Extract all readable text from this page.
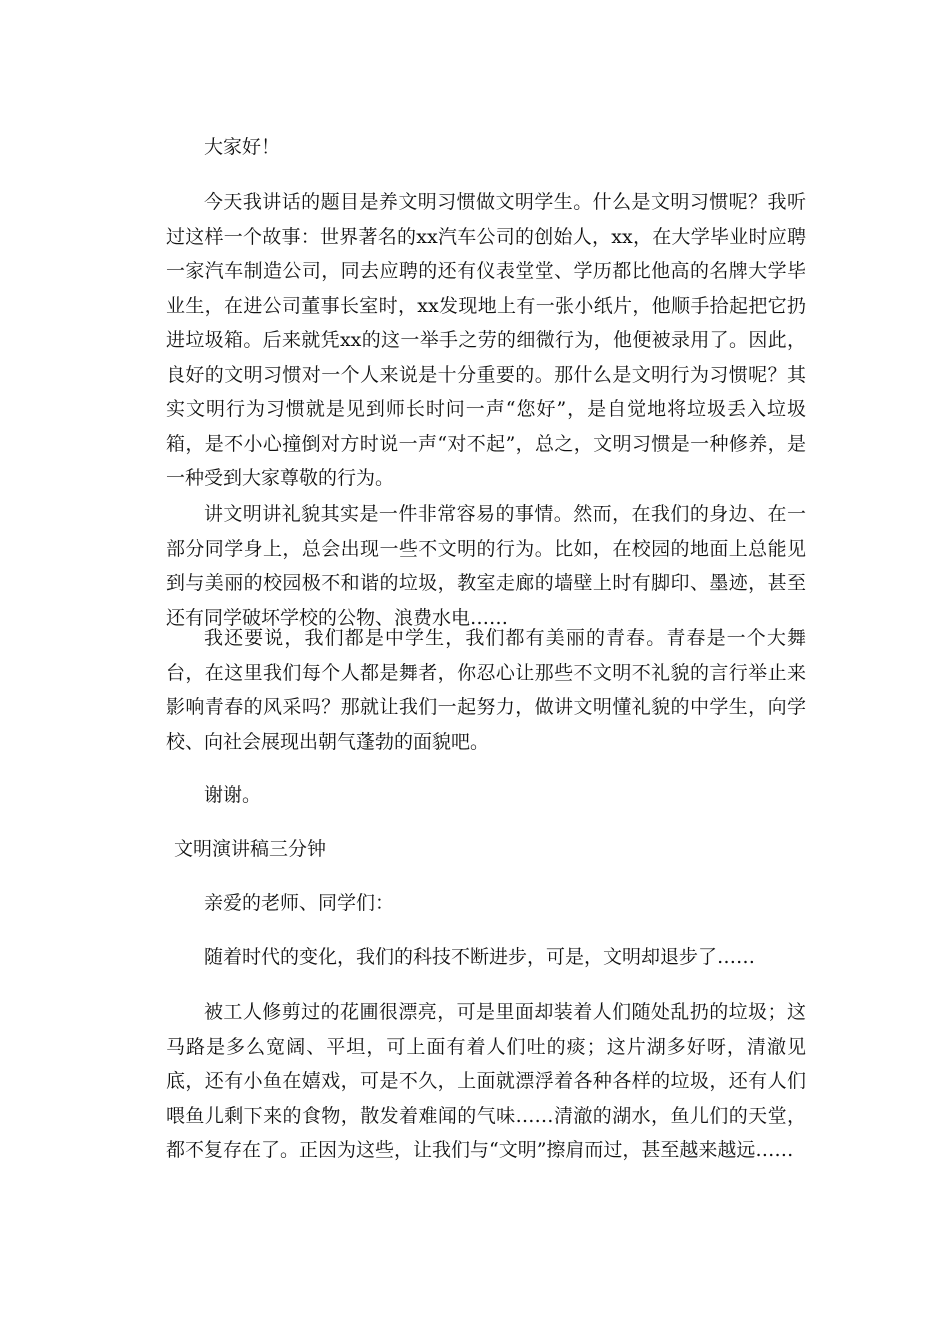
大家好！

今天我讲话的题目是养文明习惯做文明学生。什么是文明习惯呢？我听过这样一个故事：世界著名的xx汽车公司的创始人，xx，在大学毕业时应聘一家汽车制造公司，同去应聘的还有仪表堂堂、学历都比他高的名牌大学毕业生，在进公司董事长室时，xx发现地上有一张小纸片，他顺手拾起把它扔进垃圾箱。后来就凭xx的这一举手之劳的细微行为，他便被录用了。因此，良好的文明习惯对一个人来说是十分重要的。那什么是文明行为习惯呢？其实文明行为习惯就是见到师长时问一声“您好”，是自觉地将垃圾丢入垃圾箱，是不小心撞倒对方时说一声“对不起”，总之，文明习惯是一种修养，是一种受到大家尊敬的行为。

讲文明讲礼貌其实是一件非常容易的事情。然而，在我们的身边、在一部分同学身上，总会出现一些不文明的行为。比如，在校园的地面上总能见到与美丽的校园极不和谐的垃圾，教室走廊的墙壁上时有脚印、墨迹，甚至还有同学破坏学校的公物、浪费水电……

我还要说，我们都是中学生，我们都有美丽的青春。青春是一个大舞台，在这里我们每个人都是舞者，你忍心让那些不文明不礼貌的言行举止来影响青春的风采吗？那就让我们一起努力，做讲文明懂礼貌的中学生，向学校、向社会展现出朝气蓬勃的面貌吧。

谢谢。

文明演讲稿三分钟

亲爱的老师、同学们：

随着时代的变化，我们的科技不断进步，可是，文明却退步了……

被工人修剪过的花圃很漂亮，可是里面却装着人们随处乱扔的垃圾；这马路是多么宽阔、平坦，可上面有着人们吐的痰；这片湖多好呀，清澈见底，还有小鱼在嬉戏，可是不久，上面就漂浮着各种各样的垃圾，还有人们喂鱼儿剩下来的食物，散发着难闻的气味……清澈的湖水，鱼儿们的天堂，都不复存在了。正因为这些，让我们与“文明”擦肩而过，甚至越来越远……
